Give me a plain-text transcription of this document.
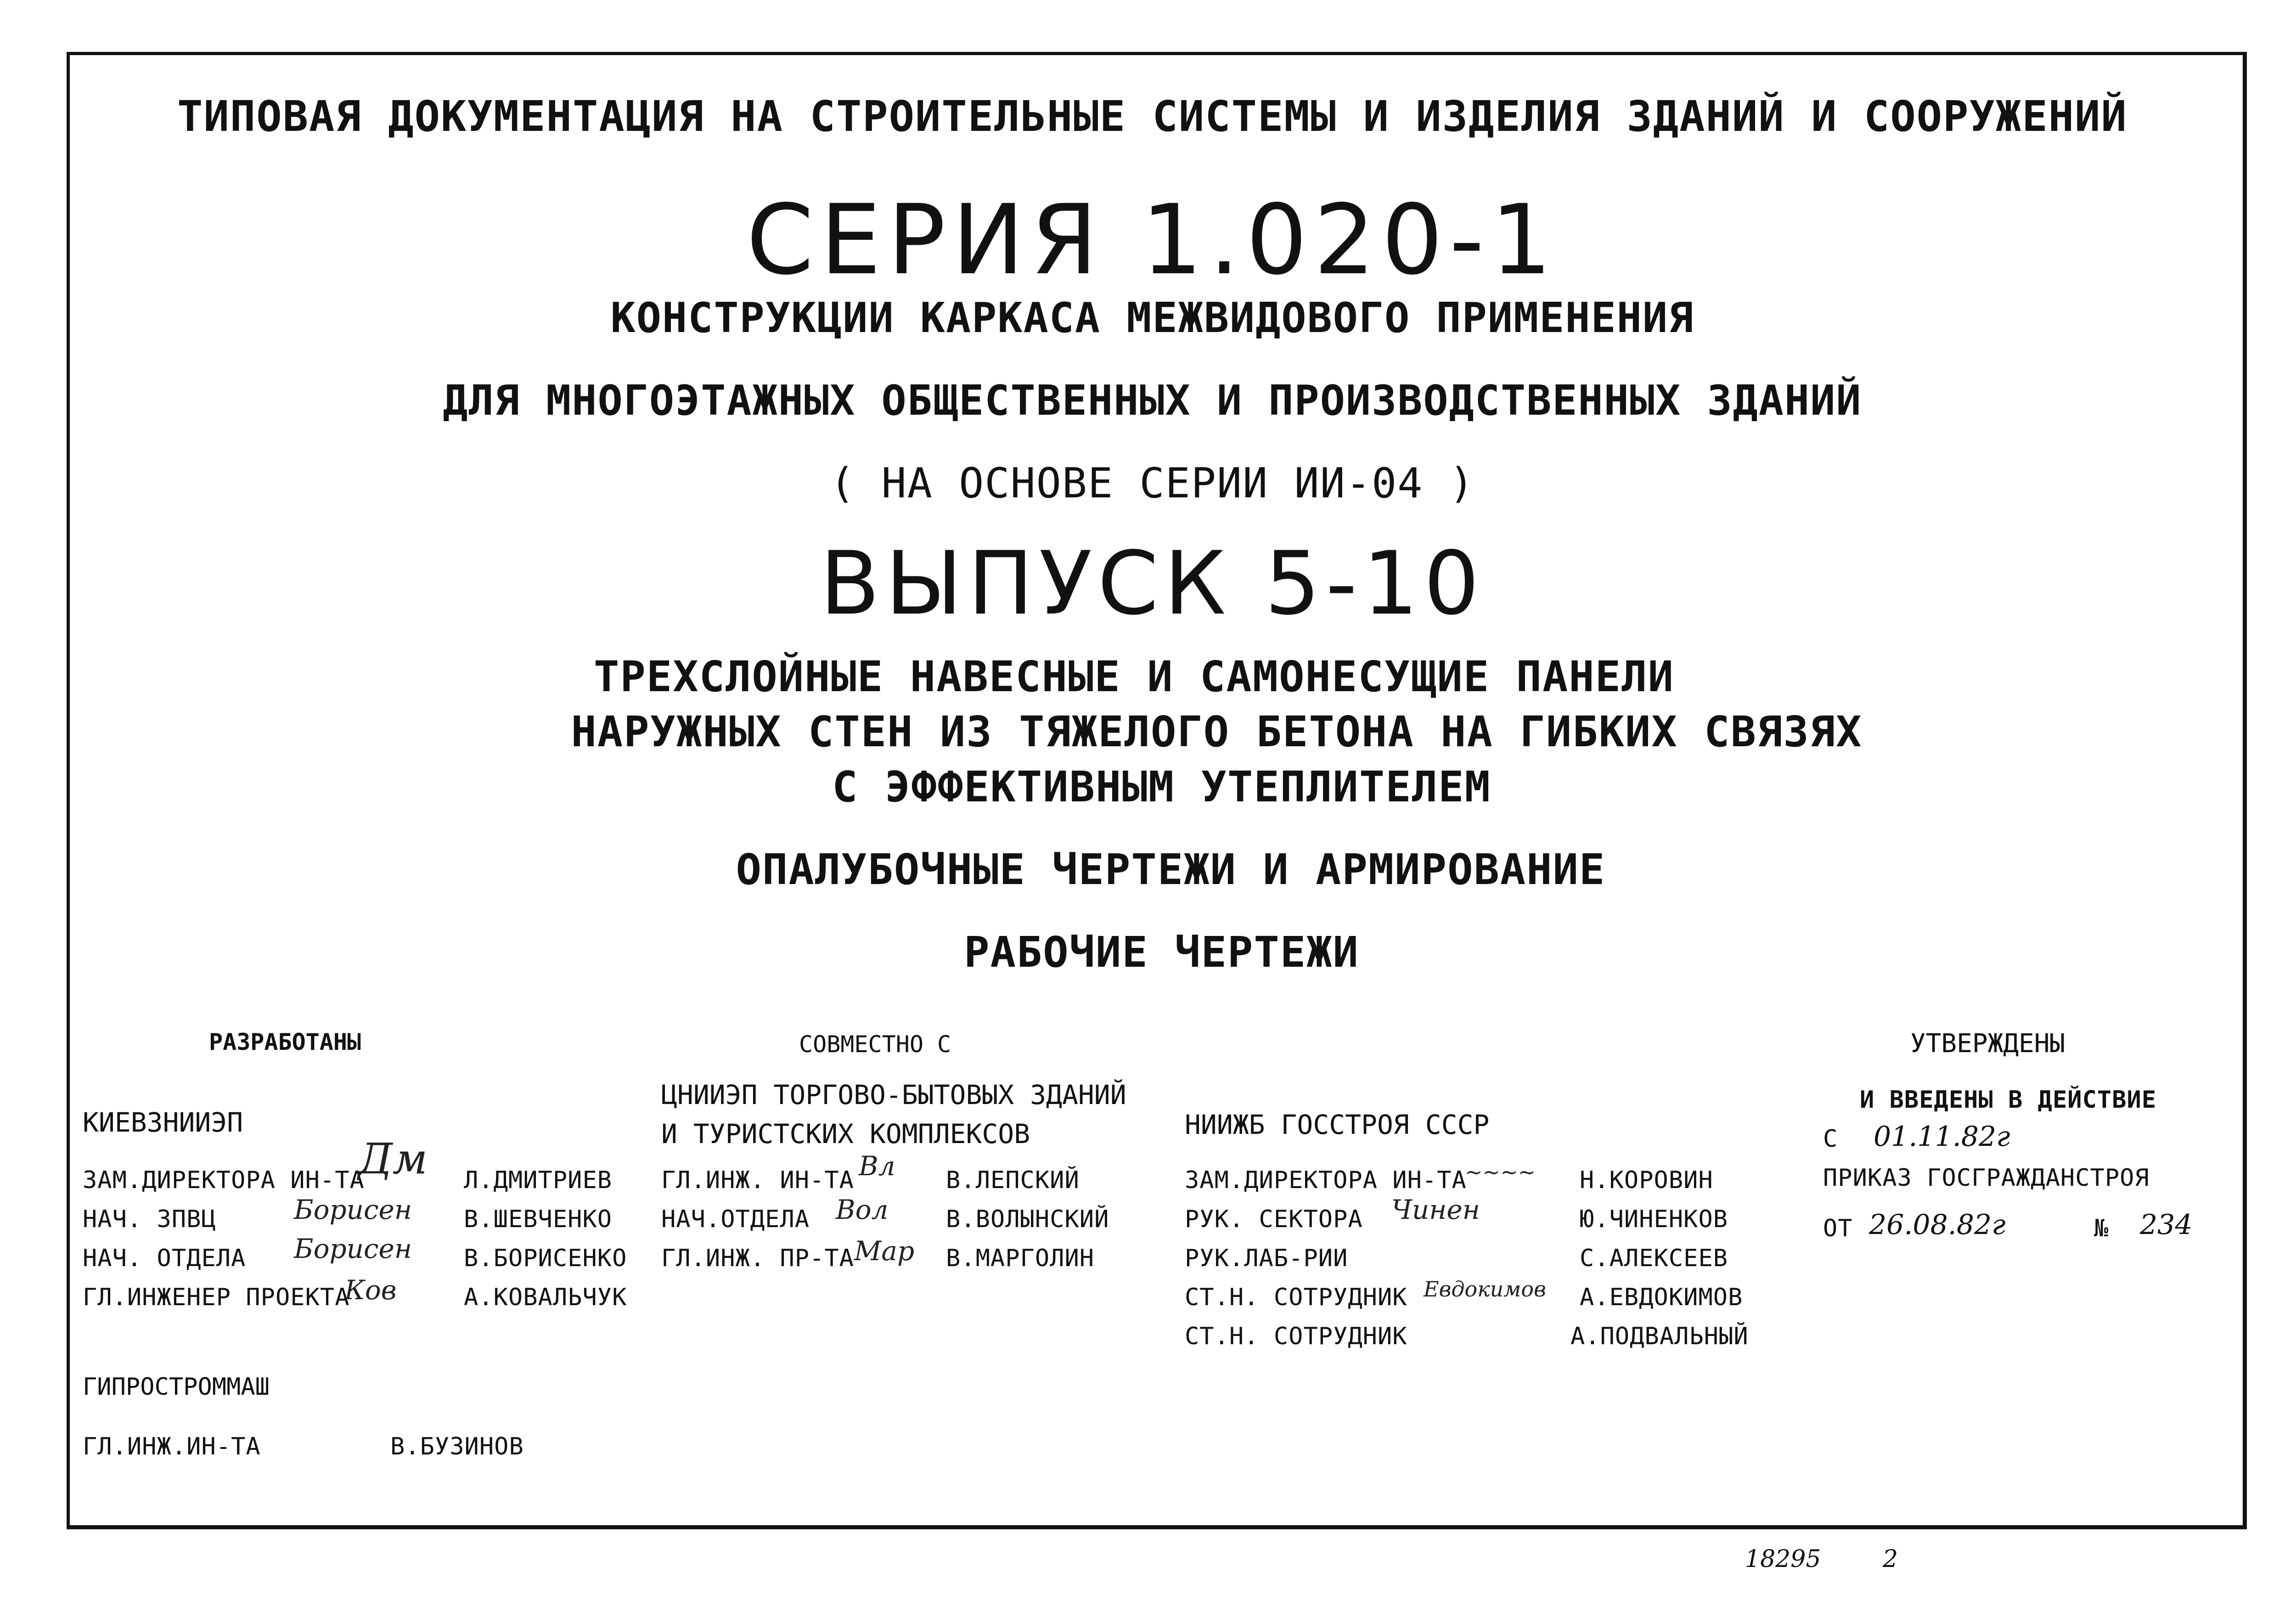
ТИПОВАЯ ДОКУМЕНТАЦИЯ НА СТРОИТЕЛЬНЫЕ СИСТЕМЫ И ИЗДЕЛИЯ ЗДАНИЙ И СООРУЖЕНИЙ
СЕРИЯ 1.020-1
КОНСТРУКЦИИ КАРКАСА МЕЖВИДОВОГО ПРИМЕНЕНИЯ
ДЛЯ МНОГОЭТАЖНЫХ ОБЩЕСТВЕННЫХ И ПРОИЗВОДСТВЕННЫХ ЗДАНИЙ
( НА ОСНОВЕ СЕРИИ ИИ-04 )
ВЫПУСК 5-10
ТРЕХСЛОЙНЫЕ НАВЕСНЫЕ И САМОНЕСУЩИЕ ПАНЕЛИ
НАРУЖНЫХ СТЕН ИЗ ТЯЖЕЛОГО БЕТОНА НА ГИБКИХ СВЯЗЯХ
С ЭФФЕКТИВНЫМ УТЕПЛИТЕЛЕМ
ОПАЛУБОЧНЫЕ ЧЕРТЕЖИ И АРМИРОВАНИЕ
РАБОЧИЕ ЧЕРТЕЖИ
РАЗРАБОТАНЫ
КИЕВЗНИИЭП
ЗАМ.ДИРЕКТОРА ИН-ТА	Л.ДМИТРИЕВ
Дм
НАЧ. ЗПВЦ	В.ШЕВЧЕНКО
Борисен
НАЧ. ОТДЕЛА	В.БОРИСЕНКО
Борисен
ГЛ.ИНЖЕНЕР ПРОЕКТА	А.КОВАЛЬЧУК
Ков
ГИПРОСТРОММАШ
ГЛ.ИНЖ.ИН-ТА	В.БУЗИНОВ
СОВМЕСТНО С
ЦНИИЭП ТОРГОВО-БЫТОВЫХ ЗДАНИЙ
И ТУРИСТСКИХ КОМПЛЕКСОВ
ГЛ.ИНЖ. ИН-ТА	В.ЛЕПСКИЙ
Вл
НАЧ.ОТДЕЛА	В.ВОЛЫНСКИЙ
Вол
ГЛ.ИНЖ. ПР-ТА	В.МАРГОЛИН
Мар
НИИЖБ ГОССТРОЯ СССР
ЗАМ.ДИРЕКТОРА ИН-ТА	Н.КОРОВИН
~~~~
РУК. СЕКТОРА	Ю.ЧИНЕНКОВ
Чинен
РУК.ЛАБ-РИИ	С.АЛЕКСЕЕВ
СТ.Н. СОТРУДНИК	А.ЕВДОКИМОВ
Евдокимов
СТ.Н. СОТРУДНИК	А.ПОДВАЛЬНЫЙ
УТВЕРЖДЕНЫ
И ВВЕДЕНЫ В ДЕЙСТВИЕ
С 01.11.82г
ПРИКАЗ ГОСГРАЖДАНСТРОЯ
ОТ 26.08.82г	№ 234
18295	2
